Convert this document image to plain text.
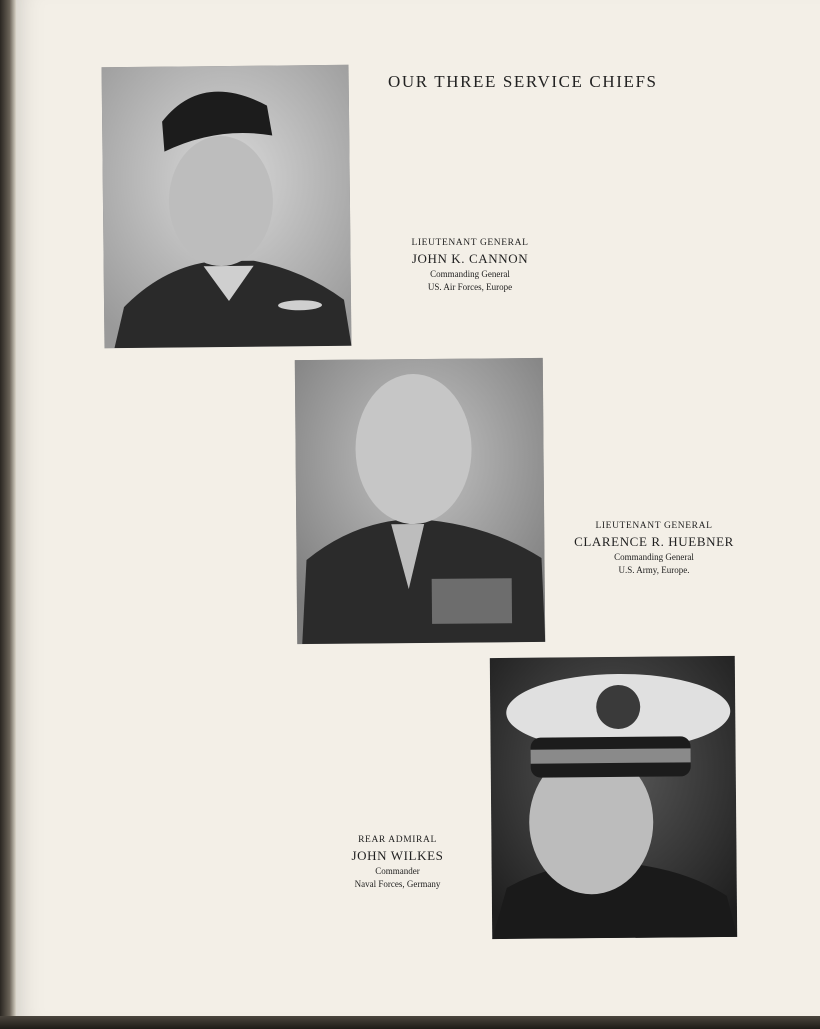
OUR THREE SERVICE CHIEFS
LIEUTENANT GENERAL
JOHN K. CANNON
Commanding General
US. Air Forces, Europe
LIEUTENANT GENERAL
CLARENCE R. HUEBNER
Commanding General
U.S. Army, Europe.
REAR ADMIRAL
JOHN WILKES
Commander
Naval Forces, Germany
